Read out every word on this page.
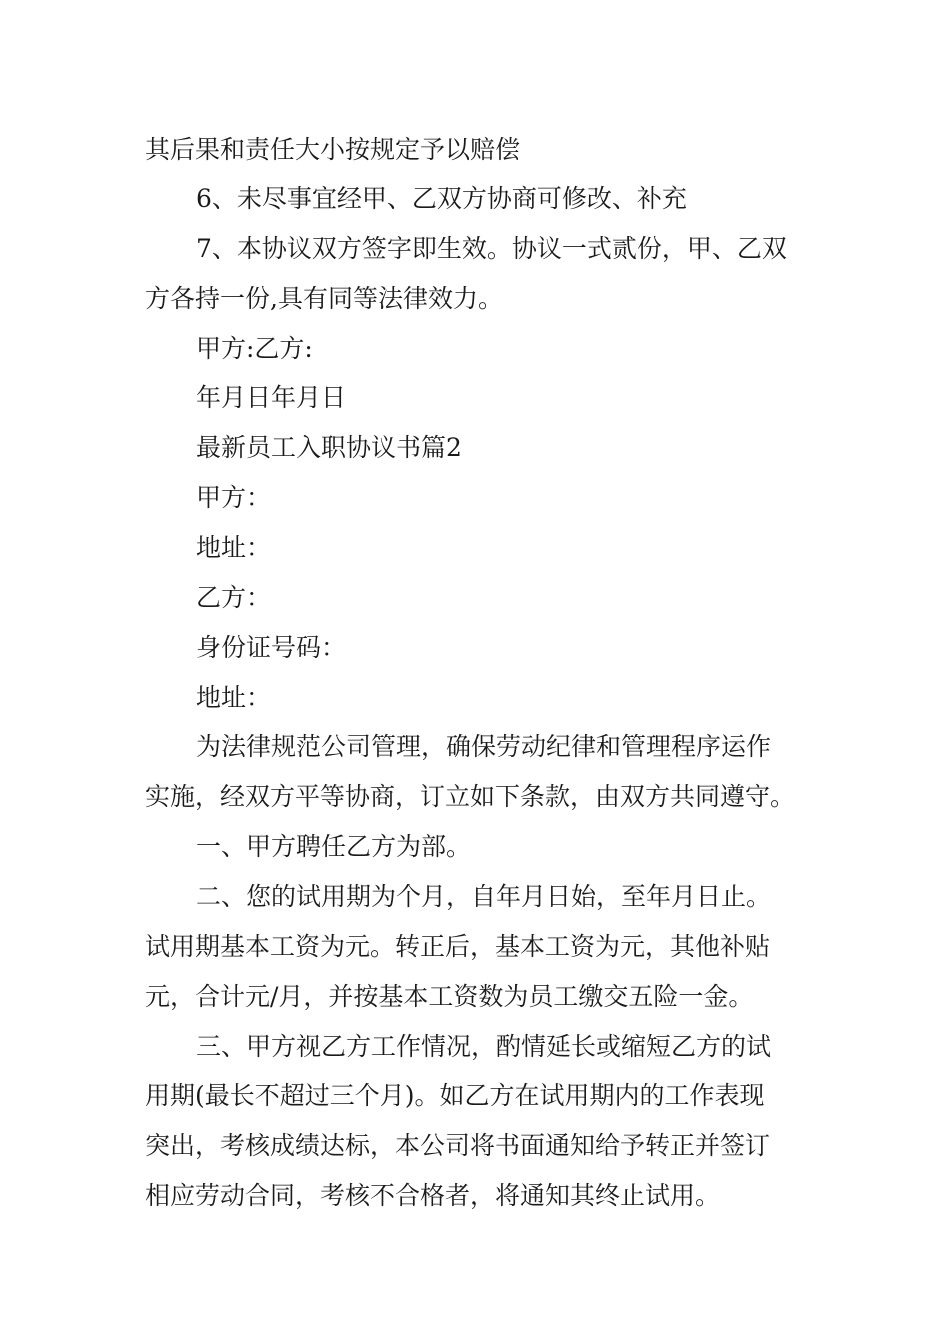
其后果和责任大小按规定予以赔偿
6、未尽事宜经甲、乙双方协商可修改、补充
7、本协议双方签字即生效。协议一式贰份，甲、乙双
方各持一份,具有同等法律效力。
甲方:乙方:
年月日年月日
最新员工入职协议书篇2
甲方：
地址：
乙方：
身份证号码：
地址：
为法律规范公司管理，确保劳动纪律和管理程序运作
实施，经双方平等协商，订立如下条款，由双方共同遵守。
一、甲方聘任乙方为部。
二、您的试用期为个月，自年月日始，至年月日止。
试用期基本工资为元。转正后，基本工资为元，其他补贴
元，合计元/月，并按基本工资数为员工缴交五险一金。
三、甲方视乙方工作情况，酌情延长或缩短乙方的试
用期(最长不超过三个月)。如乙方在试用期内的工作表现
突出，考核成绩达标，本公司将书面通知给予转正并签订
相应劳动合同，考核不合格者，将通知其终止试用。
